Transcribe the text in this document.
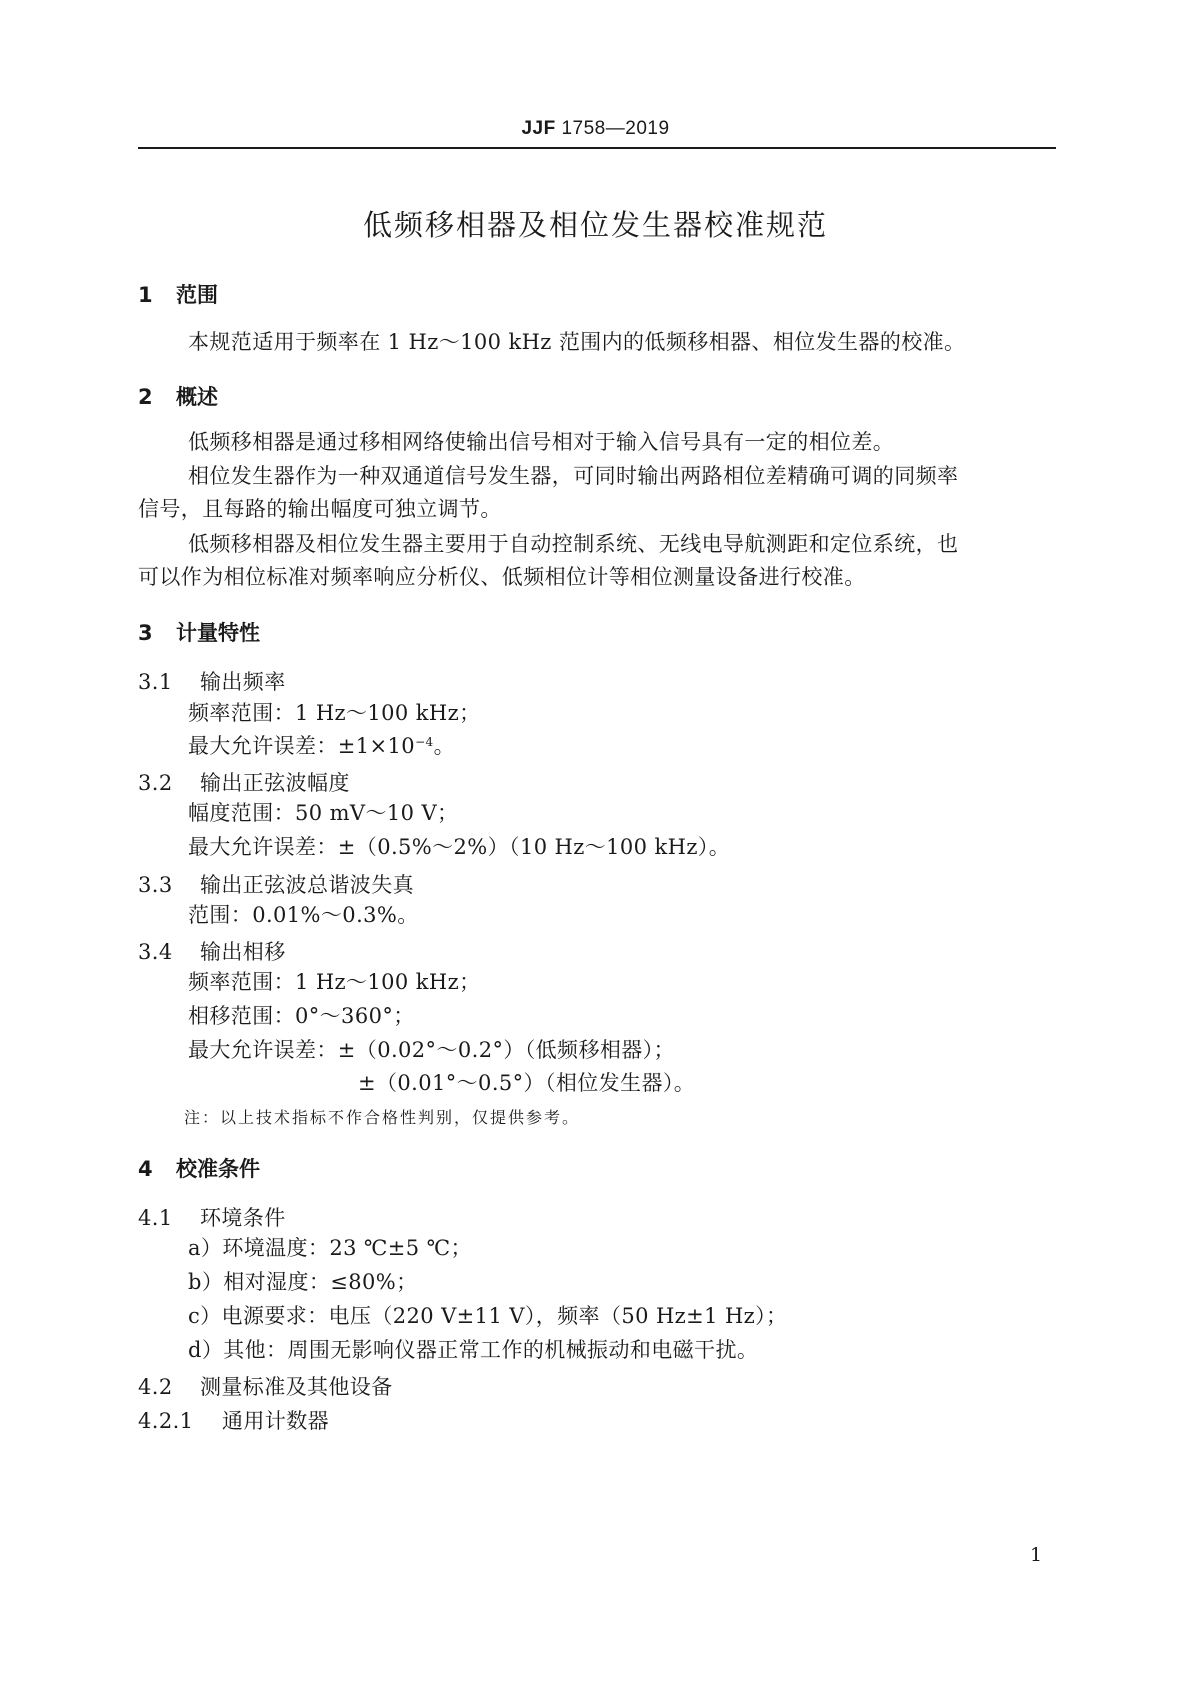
JJF 1758—2019
低频移相器及相位发生器校准规范
1 范围
本规范适用于频率在 1 Hz～100 kHz 范围内的低频移相器、相位发生器的校准。
2 概述
低频移相器是通过移相网络使输出信号相对于输入信号具有一定的相位差。
相位发生器作为一种双通道信号发生器，可同时输出两路相位差精确可调的同频率
信号，且每路的输出幅度可独立调节。
低频移相器及相位发生器主要用于自动控制系统、无线电导航测距和定位系统，也
可以作为相位标准对频率响应分析仪、低频相位计等相位测量设备进行校准。
3 计量特性
3.1 输出频率
频率范围：1 Hz～100 kHz；
最大允许误差：$\pm 1\times 10^{-4}$。
3.2 输出正弦波幅度
幅度范围：50 mV～10 V；
最大允许误差：±（0.5%～2%）（10 Hz～100 kHz）。
3.3 输出正弦波总谐波失真
范围：0.01%～0.3%。
3.4 输出相移
频率范围：1 Hz～100 kHz；
相移范围：0°～360°；
最大允许误差：±（0.02°～0.2°）（低频移相器）；
±（0.01°～0.5°）（相位发生器）。
注：以上技术指标不作合格性判别，仅提供参考。
4 校准条件
4.1 环境条件
a）环境温度：23 ℃±5 ℃；
b）相对湿度：≤80%；
c）电源要求：电压（220 V±11 V），频率（50 Hz±1 Hz）；
d）其他：周围无影响仪器正常工作的机械振动和电磁干扰。
4.2 测量标准及其他设备
4.2.1 通用计数器
1
